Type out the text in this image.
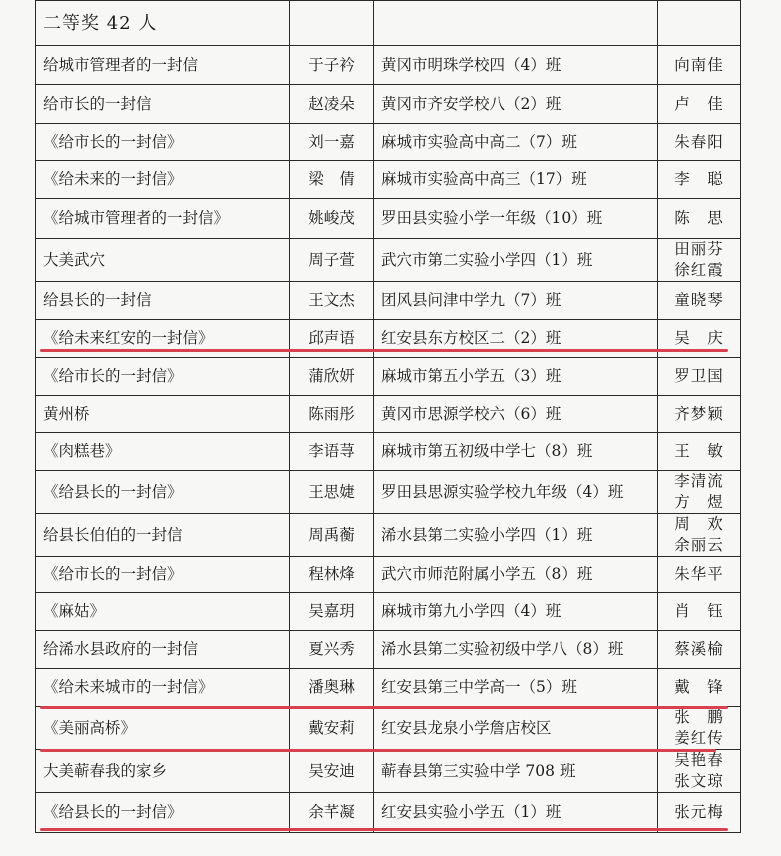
二等奖 42 人			
给城市管理者的一封信	于子衿	黄冈市明珠学校四（4）班	向南佳

给市长的一封信	赵凌朵	黄冈市齐安学校八（2）班	卢　佳

《给市长的一封信》	刘一嘉	麻城市实验高中高二（7）班	朱春阳

《给未来的一封信》	梁　倩	麻城市实验高中高三（17）班	李　聪

《给城市管理者的一封信》	姚峻茂	罗田县实验小学一年级（10）班	陈　思

大美武穴	周子萱	武穴市第二实验小学四（1）班	田丽芬
徐红霞

给县长的一封信	王文杰	团风县问津中学九（7）班	童晓琴

《给未来红安的一封信》	邱声语	红安县东方校区二（2）班	吴　庆

《给市长的一封信》	蒲欣妍	麻城市第五小学五（3）班	罗卫国

黄州桥	陈雨彤	黄冈市思源学校六（6）班	齐梦颖

《肉糕巷》	李语荨	麻城市第五初级中学七（8）班	王　敏

《给县长的一封信》	王思婕	罗田县思源实验学校九年级（4）班	李清流
方　煜

给县长伯伯的一封信	周禹蘅	浠水县第二实验小学四（1）班	周　欢
余丽云

《给市长的一封信》	程林烽	武穴市师范附属小学五（8）班	朱华平

《麻姑》	吴嘉玥	麻城市第九小学四（4）班	肖　钰

给浠水县政府的一封信	夏兴秀	浠水县第二实验初级中学八（8）班	蔡溪榆

《给未来城市的一封信》	潘奥琳	红安县第三中学高一（5）班	戴　锋

《美丽高桥》	戴安莉	红安县龙泉小学詹店校区	张　鹏
姜红传

大美蕲春我的家乡	吴安迪	蕲春县第三实验中学 708 班	吴艳春
张文琼

《给县长的一封信》	余芊凝	红安县实验小学五（1）班	张元梅
